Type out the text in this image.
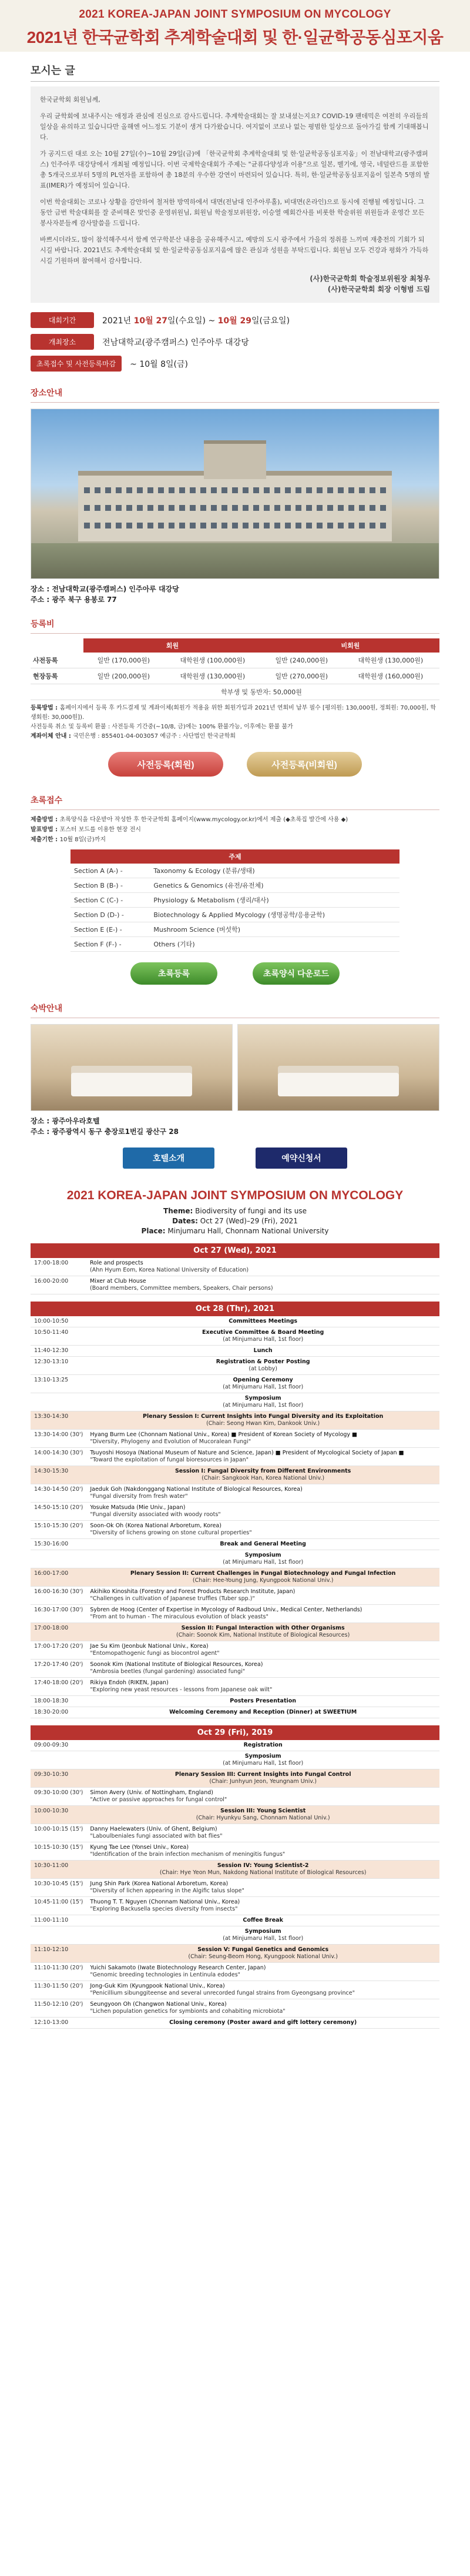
2021 KOREA-JAPAN JOINT SYMPOSIUM ON MYCOLOGY
2021년 한국균학회 추계학술대회 및 한·일균학공동심포지움
모시는 글

한국균학회 회원님께,

우리 균학회에 보내주시는 애정과 관심에 진심으로 감사드립니다. 추계학술대회는 잘 보내셨는지요? COVID-19 팬데믹은 여전히 우리들의 일상을 유의하고 있습니다만 올해엔 어느정도 기분이 생겨 다가왔습니다. 여지없이 코로나 없는 평범한 일상으로 돌아가길 함께 기대해봅니다.

가 공지드린 대로 오는 10월 27일(수)~10월 29일(금)에 「한국균학회 추계학술대회 및 한·일균학공동심포지움」이 전남대학교(광주캠퍼스) 인주아루 대강당에서 개최될 예정입니다. 이번 국제학술대회가 주제는 "균류다양성과 이용"으로 일본, 벨기에, 영국, 네덜란드를 포함한 총 5개국으로부터 5명의 PL연자를 포함하여 총 18분의 우수한 강연이 마련되어 있습니다. 특히, 한·일균학공동심포지움이 일본측 5명의 발표(IMER)가 예정되어 있습니다.

이번 학술대회는 코로나 상황을 감안하여 철저한 방역하에서 대면(전남대 인주아루홀), 비대면(온라인)으로 동시에 진행될 예정입니다. 그동안 금번 학술대회를 잘 준비해온 맞인중 운영위원님, 회원님 학술정보위원장, 이승열 예회간사를 비롯한 학술위원 위원들과 운영간 모든 봉사자분들께 감사말씀을 드립니다.

바쁘시더라도, 많이 참석해주셔서 함께 연구학분산 내용을 공유해주시고, 예방의 도시 광주에서 가을의 정취를 느끼며 재충전의 기회가 되시길 바랍니다. 2021년도 추계학술대회 및 한·일균학공동심포지움에 많은 관심과 성원을 부탁드립니다. 회원님 모두 건강과 평화가 가득하시길 기원하며 참여해서 감사합니다.

(사)한국균학회 학술정보위원장 최청우
(사)한국균학회 회장 이형범 드림
대회기간	2021년 10월 27일(수요일) ~ 10월 29일(금요일)
개최장소	전남대학교(광주캠퍼스) 인주아루 대강당
초록접수 및 사전등록마감	~ 10월 8일(금)
장소안내
장소 : 전남대학교(광주캠퍼스) 인주아루 대강당
주소 : 광주 북구 용봉로 77
등록비
	회원		비회원	
사전등록	일반 (170,000원)	대학원생 (100,000원)	일반 (240,000원)	대학원생 (130,000원)
현장등록	일반 (200,000원)	대학원생 (130,000원)	일반 (270,000원)	대학원생 (160,000원)
	학부생 및 동반자: 50,000원			
등록방법 : 홈페이지에서 등록 후 카드결제 및 계좌이체(회원가 적용을 위한 회원가입과 2021년 연회비 납부 필수 [평의원: 130,000원, 정회원: 70,000원, 학생회원: 30,000원]).
사전등록 취소 및 등록비 환불 : 사전등록 기간중(~10/8, 금)에는 100% 환불가능, 이후에는 환불 불가
계좌이체 안내 : 국민은행 : 855401-04-003057 예금주 : 사단법인 한국균학회
사전등록(회원)	사전등록(비회원)
초록접수
제출방법 : 초록양식을 다운받아 작성한 후 한국균학회 홈페이지(www.mycology.or.kr)에서 제출 (◆초록집 발간에 사용 ◆)
발표방법 : 포스터 보드를 이용한 현장 전시
제출기한 : 10월 8일(금)까지
주제	
Section A (A-) -	Taxonomy & Ecology (분류/생태)
Section B (B-) -	Genetics & Genomics (유전/유전체)
Section C (C-) -	Physiology & Metabolism (생리/대사)
Section D (D-) -	Biotechnology & Applied Mycology (생명공학/응용균학)
Section E (E-) -	Mushroom Science (버섯학)
Section F (F-) -	Others (기타)
초록등록	초록양식 다운로드
숙박안내
장소 : 광주아우라호텔
주소 : 광주광역시 동구 충장로1번길 광산구 28
호텔소개	예약신청서
2021 KOREA-JAPAN JOINT SYMPOSIUM ON MYCOLOGY
Theme: Biodiversity of fungi and its use
Dates: Oct 27 (Wed)–29 (Fri), 2021
Place: Minjumaru Hall, Chonnam National University
Oct 27 (Wed), 2021
17:00-18:00	Role and prospects
(Ahn Hyum Eom, Korea National University of Education)

16:00-20:00	Mixer at Club House
(Board members, Committee members, Speakers, Chair persons)
Oct 28 (Thr), 2021
10:00-10:50	Committees Meetings

10:50-11:40	Executive Committee & Board Meeting
(at Minjumaru Hall, 1st floor)

11:40-12:30	Lunch

12:30-13:10	Registration & Poster Posting
(at Lobby)

13:10-13:25	Opening Ceremony
(at Minjumaru Hall, 1st floor)

	Symposium
(at Minjumaru Hall, 1st floor)

13:30-14:30	Plenary Session I: Current Insights into Fungal Diversity and its Exploitation
(Chair: Seong Hwan Kim, Dankook Univ.)

13:30-14:00 (30')	Hyang Burm Lee (Chonnam National Univ., Korea) ■ President of Korean Society of Mycology ■
"Diversity, Phylogeny and Evolution of Mucoralean Fungi"

14:00-14:30 (30')	Tsuyoshi Hosoya (National Museum of Nature and Science, Japan) ■ President of Mycological Society of Japan ■
"Toward the exploitation of fungal bioresources in Japan"

14:30-15:30	Session I: Fungal Diversity from Different Environments
(Chair: Sangkook Han, Korea National Univ.)

14:30-14:50 (20')	Jaeduk Goh (Nakdonggang National Institute of Biological Resources, Korea)
"Fungal diversity from fresh water"

14:50-15:10 (20')	Yosuke Matsuda (Mie Univ., Japan)
"Fungal diversity associated with woody roots"

15:10-15:30 (20')	Soon-Ok Oh (Korea National Arboretum, Korea)
"Diversity of lichens growing on stone cultural properties"

15:30-16:00	Break and General Meeting

	Symposium
(at Minjumaru Hall, 1st floor)

16:00-17:00	Plenary Session II: Current Challenges in Fungal Biotechnology and Fungal Infection
(Chair: Hee-Young Jung, Kyungpook National Univ.)

16:00-16:30 (30')	Akihiko Kinoshita (Forestry and Forest Products Research Institute, Japan)
"Challenges in cultivation of Japanese truffles (Tuber spp.)"

16:30-17:00 (30')	Sybren de Hoog (Center of Expertise in Mycology of Radboud Univ., Medical Center, Netherlands)
"From ant to human - The miraculous evolution of black yeasts"

17:00-18:00	Session II: Fungal Interaction with Other Organisms
(Chair: Soonok Kim, National Institute of Biological Resources)

17:00-17:20 (20')	Jae Su Kim (Jeonbuk National Univ., Korea)
"Entomopathogenic fungi as biocontrol agent"

17:20-17:40 (20')	Soonok Kim (National Institute of Biological Resources, Korea)
"Ambrosia beetles (fungal gardening) associated fungi"

17:40-18:00 (20')	Rikiya Endoh (RIKEN, Japan)
"Exploring new yeast resources - lessons from Japanese oak wilt"

18:00-18:30	Posters Presentation

18:30-20:00	Welcoming Ceremony and Reception (Dinner) at SWEETIUM
Oct 29 (Fri), 2019
09:00-09:30	Registration

	Symposium
(at Minjumaru Hall, 1st floor)

09:30-10:30	Plenary Session III: Current Insights into Fungal Control
(Chair: Junhyun Jeon, Yeungnam Univ.)

09:30-10:00 (30')	Simon Avery (Univ. of Nottingham, England)
"Active or passive approaches for fungal control"

10:00-10:30	Session III: Young Scientist
(Chair: Hyunkyu Sang, Chonnam National Univ.)

10:00-10:15 (15')	Danny Haelewaters (Univ. of Ghent, Belgium)
"Laboulbeniales fungi associated with bat flies"

10:15-10:30 (15')	Kyung Tae Lee (Yonsei Univ., Korea)
"Identification of the brain infection mechanism of meningitis fungus"

10:30-11:00	Session IV: Young Scientist-2
(Chair: Hye Yeon Mun, Nakdong National Institute of Biological Resources)

10:30-10:45 (15')	Jung Shin Park (Korea National Arboretum, Korea)
"Diversity of lichen appearing in the Algific talus slope"

10:45-11:00 (15')	Thuong T. T. Nguyen (Chonnam National Univ., Korea)
"Exploring Backusella species diversity from insects"

11:00-11:10	Coffee Break

	Symposium
(at Minjumaru Hall, 1st floor)

11:10-12:10	Session V: Fungal Genetics and Genomics
(Chair: Seung-Beom Hong, Kyungpook National Univ.)

11:10-11:30 (20')	Yuichi Sakamoto (Iwate Biotechnology Research Center, Japan)
"Genomic breeding technologies in Lentinula edodes"

11:30-11:50 (20')	Jong-Guk Kim (Kyungpook National Univ., Korea)
"Penicillium sibunggiteense and several unrecorded fungal strains from Gyeongsang province"

11:50-12:10 (20')	Seungyoon Oh (Changwon National Univ., Korea)
"Lichen population genetics for symbionts and cohabiting microbiota"

12:10-13:00	Closing ceremony (Poster award and gift lottery ceremony)
